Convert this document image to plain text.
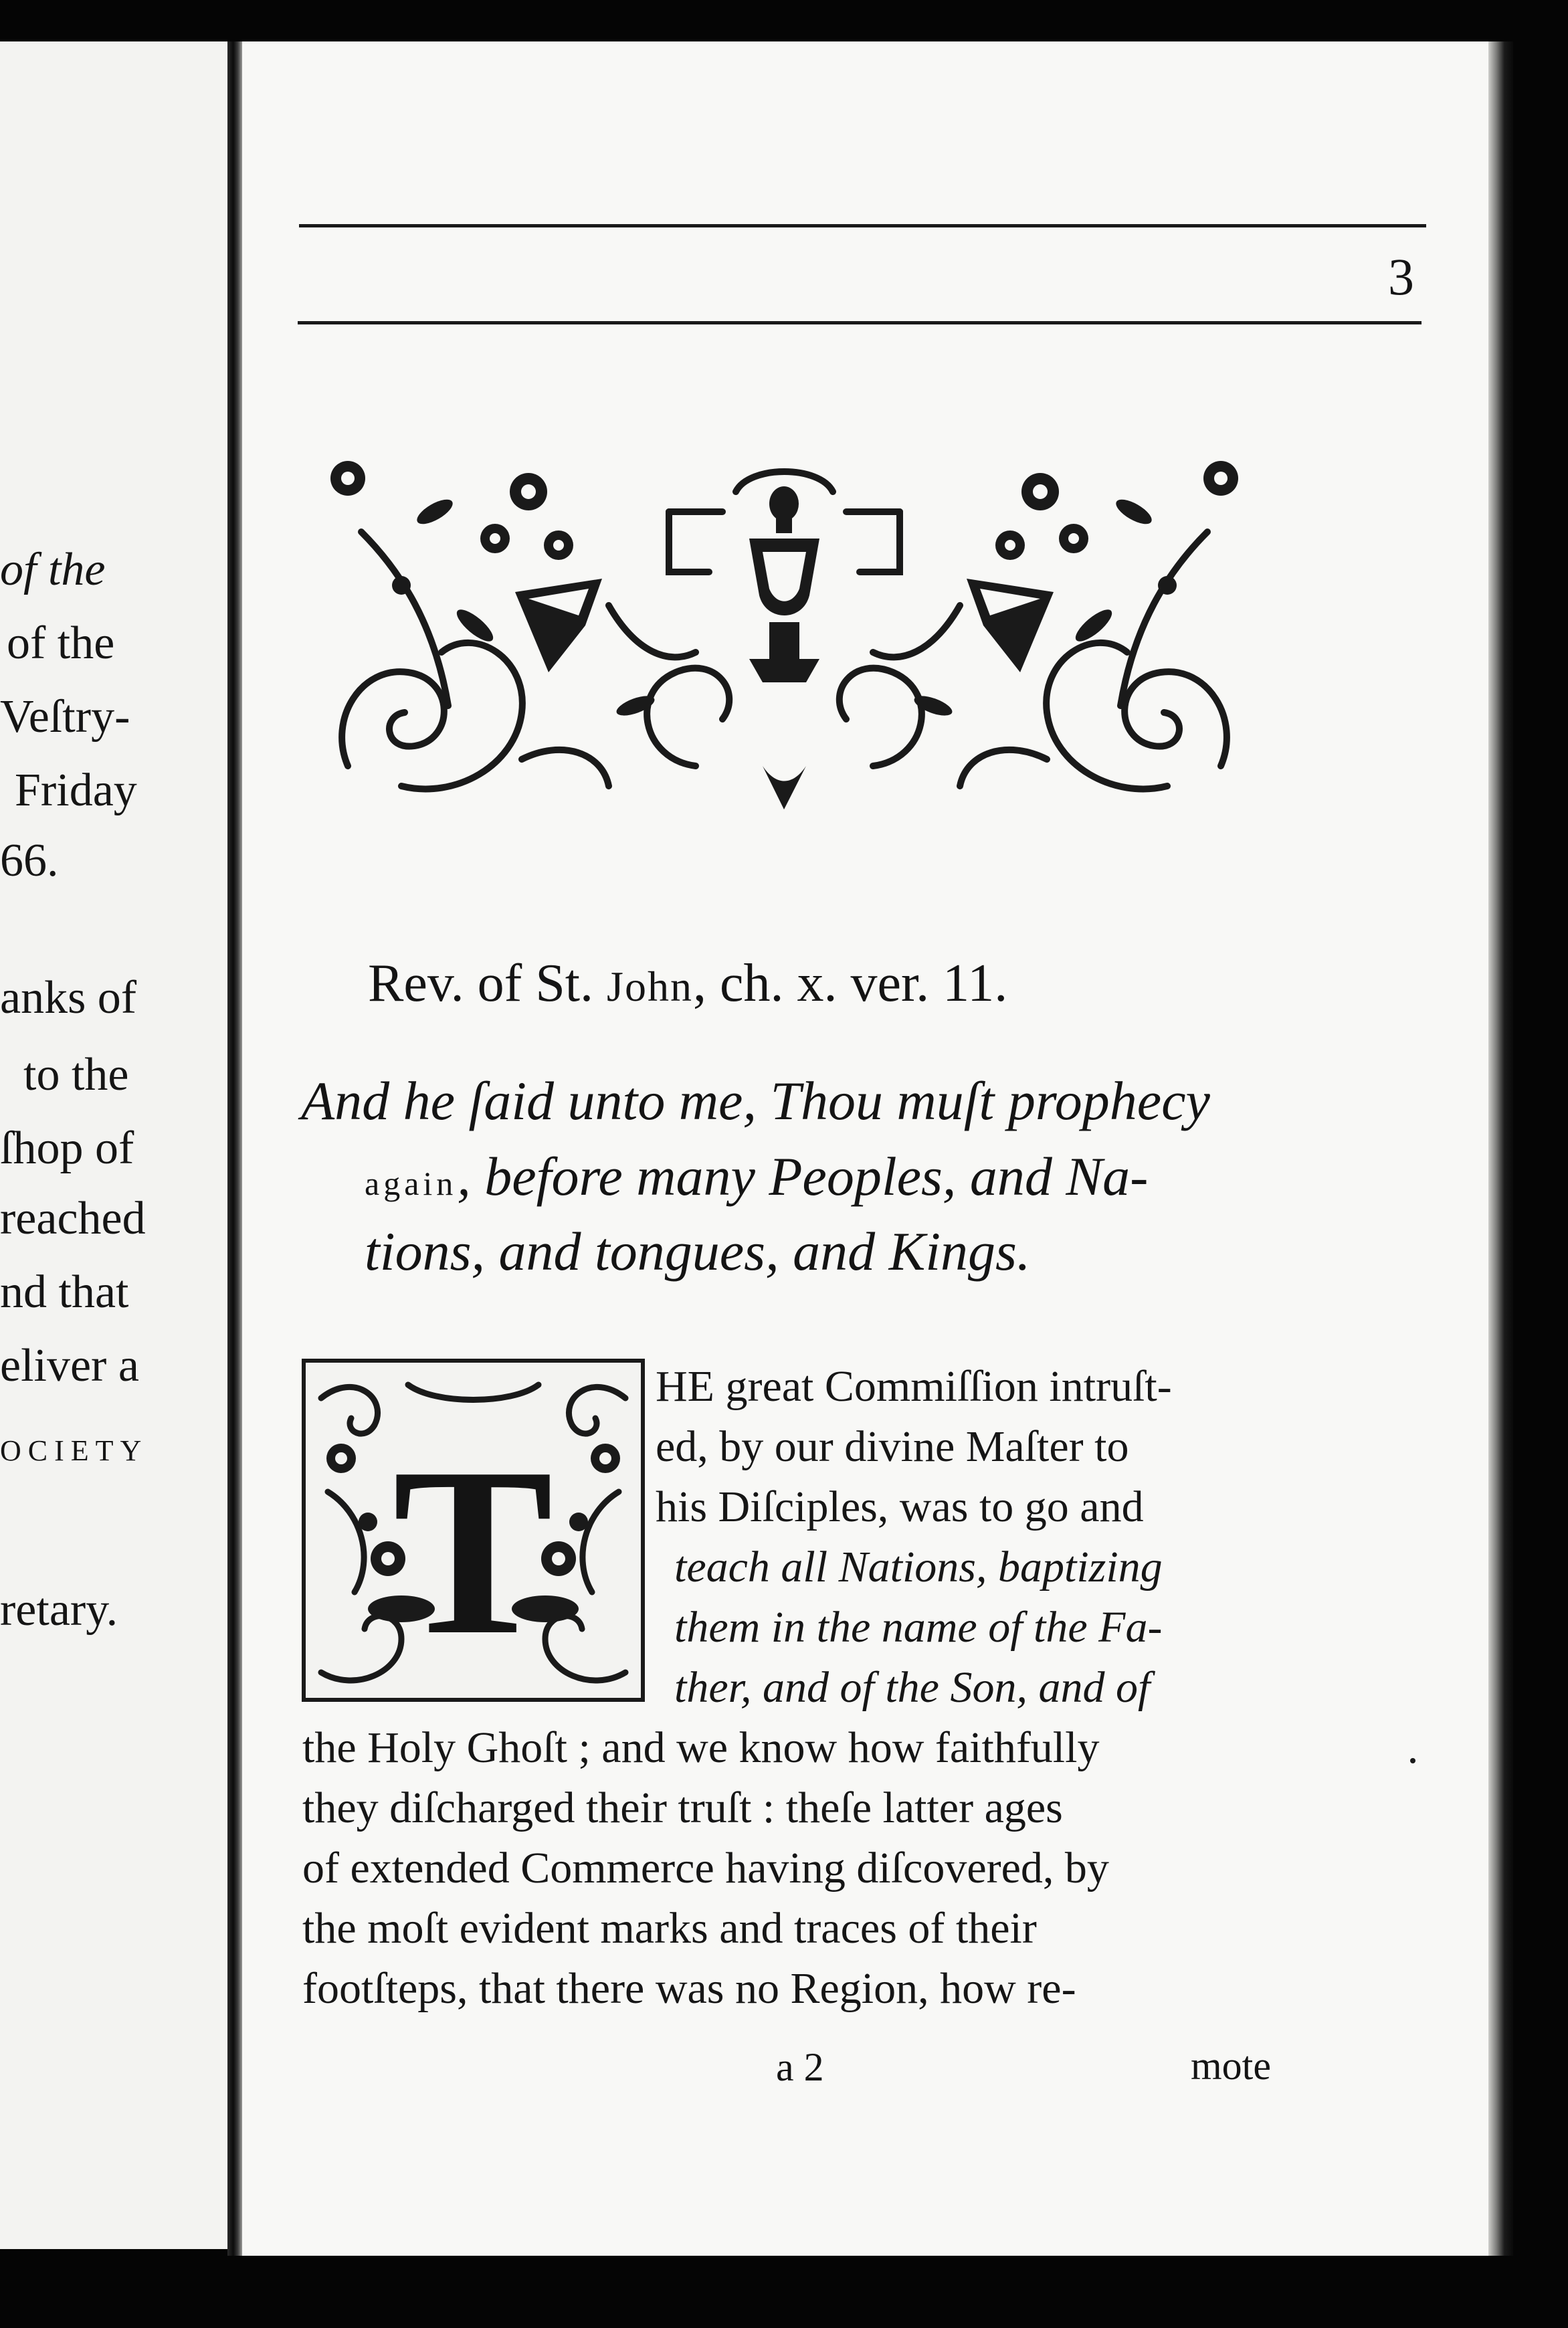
of the
of the
Veſtry-
Friday
66.
anks of
to the
ſhop of
reached
nd that
eliver a
OCIETY
retary.
3
Rev. of St. John, ch. x. ver. 11.
And he ſaid unto me, Thou muſt prophecy
again, before many Peoples, and Na-
tions, and tongues, and Kings.
T
HE great Commiſſion intruſt-
ed, by our divine Maſter to
his Diſciples, was to go and
teach all Nations, baptizing
them in the name of the Fa-
ther, and of the Son, and of
the Holy Ghoſt ; and we know how faithfully
they diſcharged their truſt : theſe latter ages
of extended Commerce having diſcovered, by
the moſt evident marks and traces of their
footſteps, that there was no Region, how re-
a 2	mote
